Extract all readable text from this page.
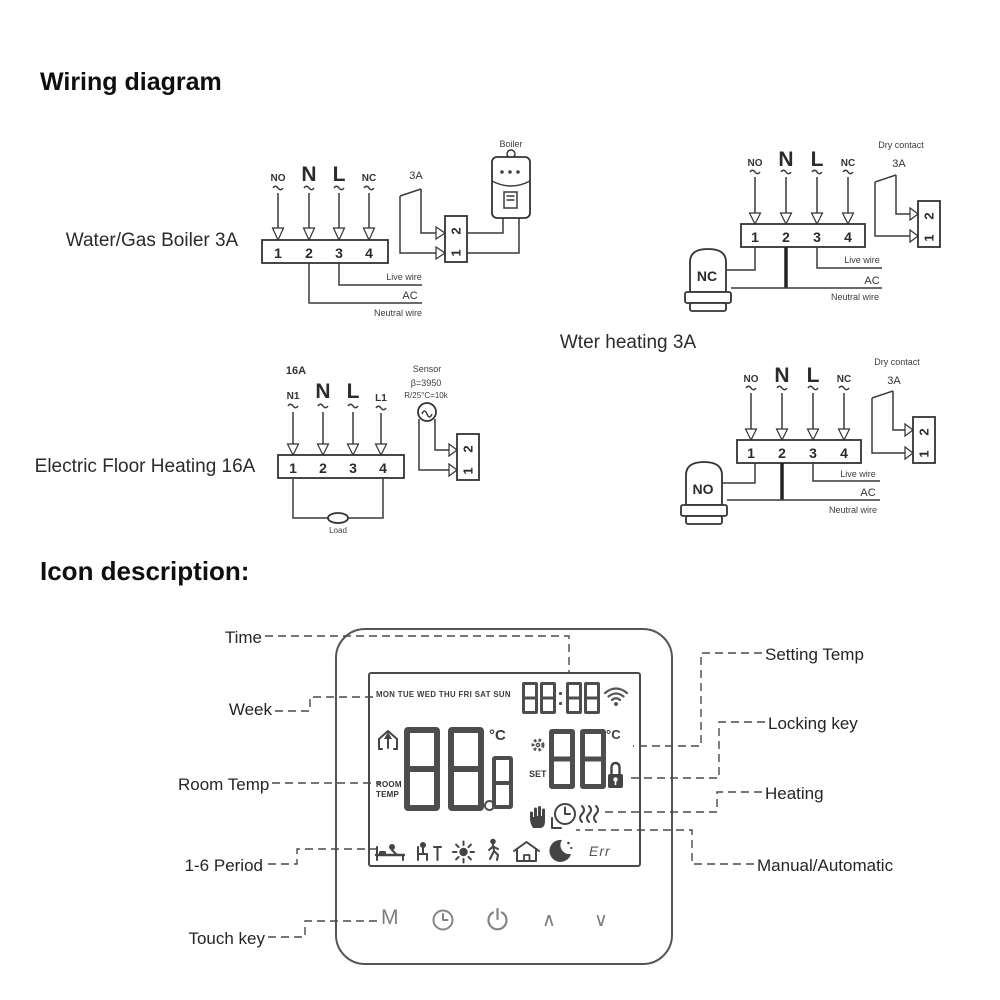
Wiring diagram
Icon description:
Water/Gas Boiler 3A
NO N L NC
1 2 3 4
Live wire
AC
Neutral wire
3A
2
1
Boiler
Wter heating 3A
NO N L NC
1 2 3 4
Dry contact
3A
2
1
NC	AC
Neutral wire
Live wire
Electric Floor Heating 16A
16A
N1 N L L1
1 2 3 4
Load
Sensor
β=3950
R/25°C=10k
2
1
NO N L NC
1 2 3 4
Dry contact
3A
2
1
NO	AC
Neutral wire
Live wire
MON TUE WED THU FRI SAT SUN
°C
ROOM
TEMP
°C
SET
Err
M	∧ ∨
Time
Week
Room Temp
1-6 Period
Touch key
Setting Temp
Locking key
Heating
Manual/Automatic
